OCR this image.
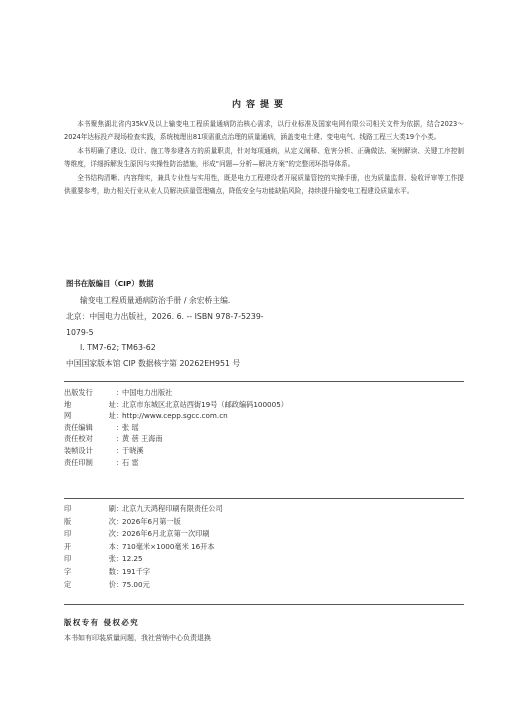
内容提要

本书聚焦湖北省内35kV及以上输变电工程质量通病防治核心需求，以行业标准及国家电网有限公司相关文件为依据，结合2023～2024年达标投产现场检查实践，系统梳理出81项需重点治理的质量通病，涵盖变电土建、变电电气、线路工程三大类19个小类。

本书明确了建设、设计、施工等参建各方的质量职责，针对每项通病，从定义阐释、危害分析、正确做法、案例解读、关键工序控制等维度，详细拆解发生原因与实操性防治措施，形成“问题—分析—解决方案”的完整闭环指导体系。

全书结构清晰、内容翔实，兼具专业性与实用性，既是电力工程建设者开展质量管控的实操手册，也为质量监督、验收评审等工作提供重要参考，助力相关行业从业人员解决质量管理痛点，降低安全与功能缺陷风险，持续提升输变电工程建设质量水平。

图书在版编目（CIP）数据
输变电工程质量通病防治手册 / 余宏桥主编.
北京：中国电力出版社，2026. 6. -- ISBN 978-7-5239-
1079-5
Ⅰ. TM7-62; TM63-62
中国国家版本馆 CIP 数据核字第 20262EH951 号
出版发行	：
中国电力出版社
地	址 ：
北京市东城区北京站西街19号（邮政编码100005）
网	址 ：
http://www.cepp.sgcc.com.cn
责任编辑	：
张 瑶
责任校对	：
黄 蓓 王海南
装帧设计	：
于晓溪
责任印制	：
石 雷
印	刷 ：
北京九天鸿程印刷有限责任公司
版	次 ：
2026年6月第一版
印	次 ：
2026年6月北京第一次印刷
开	本 ：
710毫米×1000毫米 16开本
印	张 ：
12.25
字	数 ：
191千字
定	价 ：
75.00元
版权专有 侵权必究
本书如有印装质量问题，我社营销中心负责退换
